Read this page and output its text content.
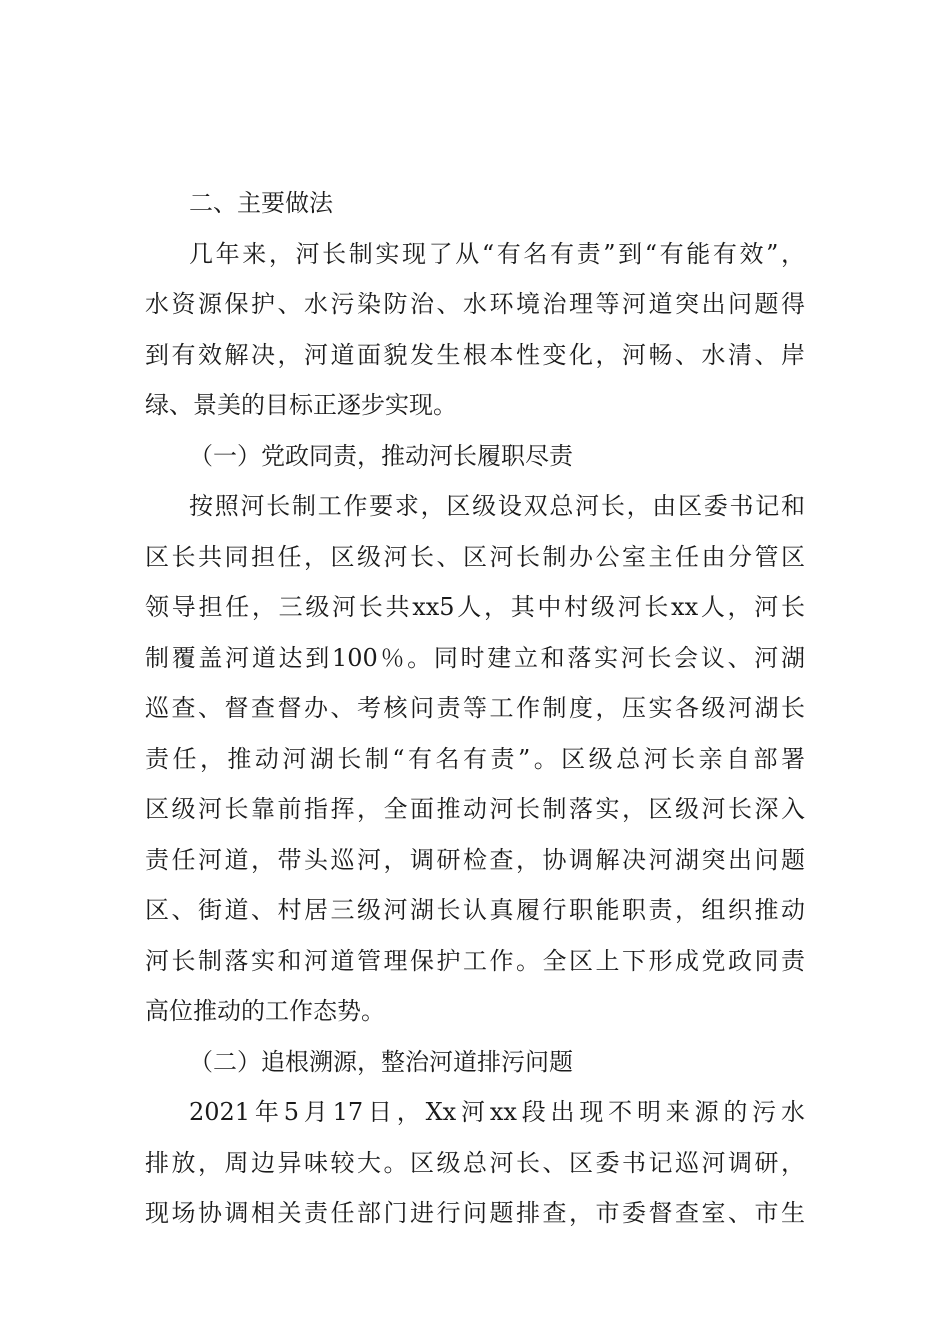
二、主要做法
几年来，河长制实现了从“有名有责”到“有能有效”，
水资源保护、水污染防治、水环境治理等河道突出问题得
到有效解决，河道面貌发生根本性变化，河畅、水清、岸
绿、景美的目标正逐步实现。
（一）党政同责，推动河长履职尽责
按照河长制工作要求，区级设双总河长，由区委书记和
区长共同担任，区级河长、区河长制办公室主任由分管区
领导担任，三级河长共xx5人，其中村级河长xx人，河长
制覆盖河道达到100％。同时建立和落实河长会议、河湖
巡查、督查督办、考核问责等工作制度，压实各级河湖长
责任，推动河湖长制“有名有责”。区级总河长亲自部署
区级河长靠前指挥，全面推动河长制落实，区级河长深入
责任河道，带头巡河，调研检查，协调解决河湖突出问题
区、街道、村居三级河湖长认真履行职能职责，组织推动
河长制落实和河道管理保护工作。全区上下形成党政同责
高位推动的工作态势。
（二）追根溯源，整治河道排污问题
2021年5月17日，Xx河xx段出现不明来源的污水
排放，周边异味较大。区级总河长、区委书记巡河调研，
现场协调相关责任部门进行问题排查，市委督查室、市生
